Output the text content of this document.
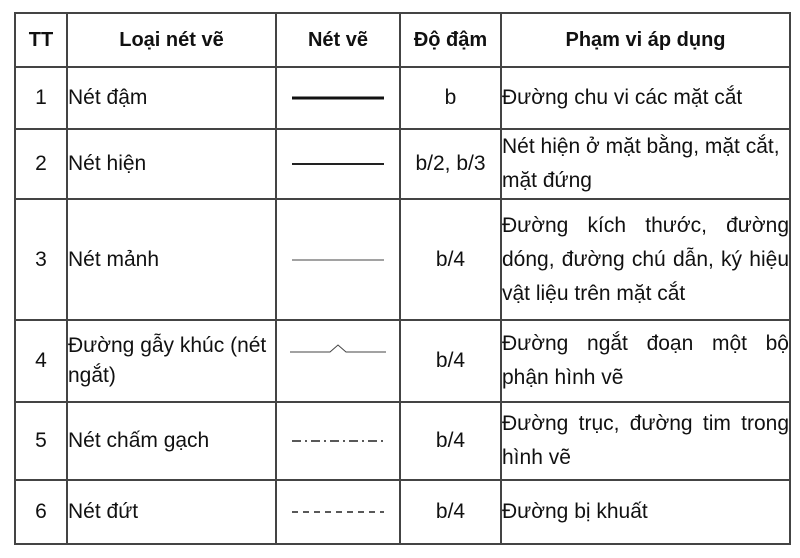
TT	Loại nét vẽ	Nét vẽ	Độ đậm	Phạm vi áp dụng
1	Nét đậm		b	Đường chu vi các mặt cắt
2	Nét hiện		b/2, b/3	Nét hiện ở mặt bằng, mặt cắt, mặt đứng
3	Nét mảnh		b/4	Đường kích thước, đường dóng, đường chú dẫn, ký hiệu vật liệu trên mặt cắt
4	Đường gẫy khúc (nét ngắt)		b/4	Đường ngắt đoạn một bộ phận hình vẽ
5	Nét chấm gạch		b/4	Đường trục, đường tim trong hình vẽ
6	Nét đứt		b/4	Đường bị khuất
